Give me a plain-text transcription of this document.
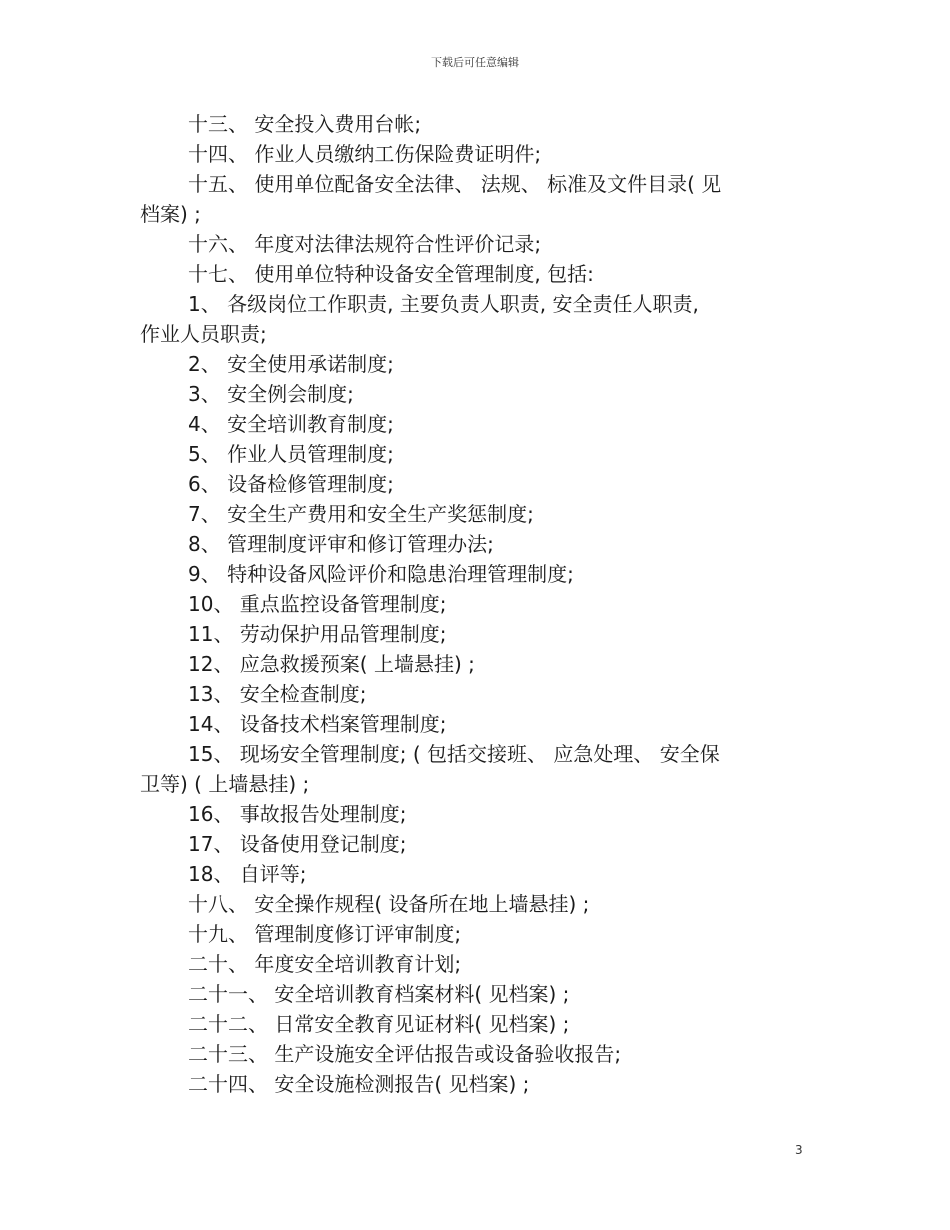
下载后可任意编辑
十三、 安全投入费用台帐;
十四、 作业人员缴纳工伤保险费证明件;
十五、 使用单位配备安全法律、 法规、 标准及文件目录( 见
档案) ;
十六、 年度对法律法规符合性评价记录;
十七、 使用单位特种设备安全管理制度, 包括:
1、 各级岗位工作职责, 主要负责人职责, 安全责任人职责,
作业人员职责;
2、 安全使用承诺制度;
3、 安全例会制度;
4、 安全培训教育制度;
5、 作业人员管理制度;
6、 设备检修管理制度;
7、 安全生产费用和安全生产奖惩制度;
8、 管理制度评审和修订管理办法;
9、 特种设备风险评价和隐患治理管理制度;
10、 重点监控设备管理制度;
11、 劳动保护用品管理制度;
12、 应急救援预案( 上墙悬挂) ;
13、 安全检查制度;
14、 设备技术档案管理制度;
15、 现场安全管理制度; ( 包括交接班、 应急处理、 安全保
卫等) ( 上墙悬挂) ;
16、 事故报告处理制度;
17、 设备使用登记制度;
18、 自评等;
十八、 安全操作规程( 设备所在地上墙悬挂) ;
十九、 管理制度修订评审制度;
二十、 年度安全培训教育计划;
二十一、 安全培训教育档案材料( 见档案) ;
二十二、 日常安全教育见证材料( 见档案) ;
二十三、 生产设施安全评估报告或设备验收报告;
二十四、 安全设施检测报告( 见档案) ;
3
